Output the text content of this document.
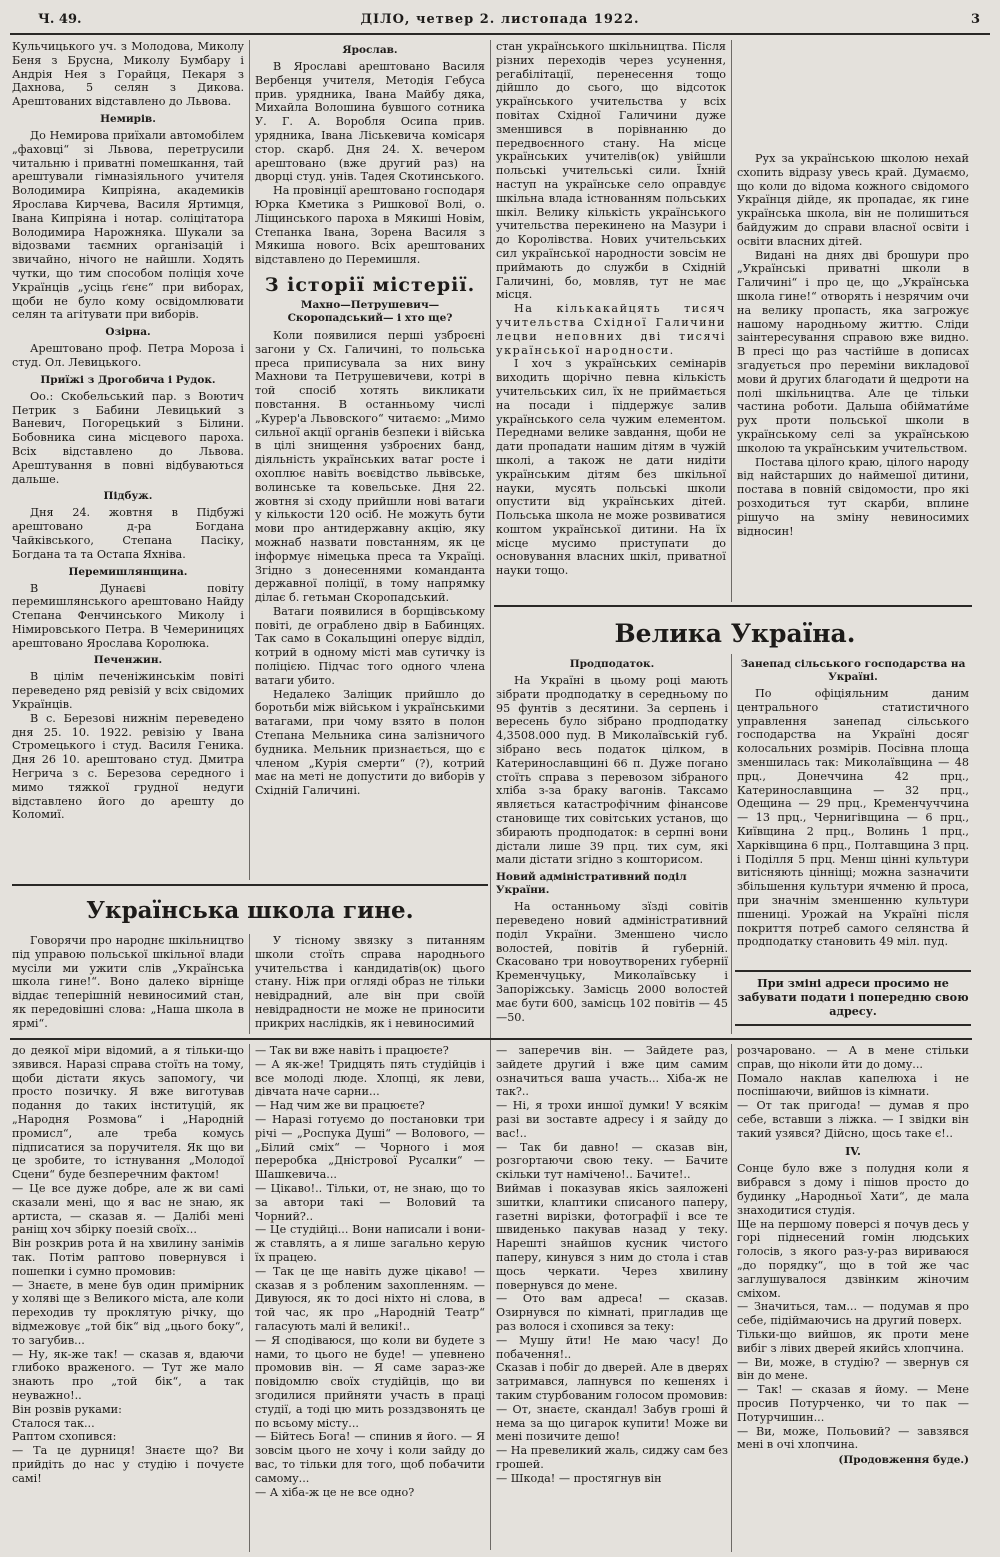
Ч. 49.	ДІЛО, четвер 2. листопада 1922.	3

Кульчицького уч. з Молодова, Миколу Беня з Брусна, Миколу Бумбару і Андрія Нея з Горайця, Пекаря з Дахнова, 5 селян з Дикова. Арештованих відставлено до Львова.

Немирів.

До Немирова приїхали автомобілем „фаховці“ зі Львова, перетрусили читальню і приватні помешкання, тай арештували гімназіяльного учителя Володимира Кипріяна, академиків Ярослава Кирчева, Василя Яртимця, Івана Кипріяна і нотар. соліцітатора Володимира Нарожняка. Шукали за відозвами таємних організацій і звичайно, нічого не найшли. Ходять чутки, що тим способом поліція хоче Українців „усіць ґєнє“ при виборах, щоби не було кому освідомлювати селян та агітувати при виборів.

Озірна.

Арештовано проф. Петра Мороза і студ. Ол. Левицького.

Приїжі з Дрогобича і Рудок.

Оо.: Скобельський пар. з Воютич Петрик з Бабини Левицький з Ваневич, Погорецький з Білини. Бобовника сина місцевого пароха. Всіх відставлено до Львова. Арештування в повні відбуваються дальше.

Підбуж.

Дня 24. жовтня в Підбужі арештовано д-ра Богдана Чайківського, Степана Пасіку, Богдана та та Остапа Яхніва.

Перемишлянщина.

В Дунаєві повіту перемишлянського арештовано Найду Степана Фенчинського Миколу і Німировського Петра. В Чемериницях арештовано Ярослава Королюка.

Печенжин.

В цілім печеніжинськім повіті переведено ряд ревізій у всіх свідомих Українців.

В с. Березові нижнім переведено дня 25. 10. 1922. ревізію у Івана Стромецького і студ. Василя Геника. Дня 26 10. арештовано студ. Дмитра Негрича з с. Березова середного і мимо тяжкої грудної недуги відставлено його до арешту до Коломиї.

Ярослав.

В Ярославі арештовано Василя Вербенця учителя, Методія Гебуса прив. урядника, Івана Майбу дяка, Михайла Волошина бувшого сотника У. Г. А. Воробля Осипа прив. урядника, Івана Ліськевича комісаря стор. скарб. Дня 24. Х. вечером арештовано (вже другий раз) на дворці студ. унів. Тадея Скотинського.

На провінції арештовано господаря Юрка Кметика з Ришкової Волі, о. Ліщинського пароха в Мякиші Новім, Степанка Івана, Зорена Василя з Мякиша нового. Всіх арештованих відставлено до Перемишля.

З історії містерії.
Махно—Петрушевич—Скоропадський— і хто ще?

Коли появилися перші узброєні загони у Сх. Галичині, то польська преса приписувала за них вину Махнови та Петрушевичеви, котрі в той спосіб хотять викликати повстання. В останньому числі „Куреp'a Львовского“ читаємо: „Мимо сильної акції органів безпеки і війська в цілі знищення узброєних банд, діяльність українських ватаг росте і охоплює навіть воєвідство львівське, волинське та ковельське. Дня 22. жовтня зі сходу прийшли нові ватаги у кількости 120 осіб. Не можуть бути мови про антидержавну акцію, яку можнаб назвати повстанням, як це інформує німецька преса та Україці. Згідно з донесеннями команданта державної поліції, в тому напрямку ділає б. гетьман Скоропадський.

Ватаги появилися в борщівському повіті, де ограблено двір в Бабинцях. Так само в Сокальщині оперує відділ, котрий в одному місті мав сутичку із поліцією. Підчас того одного члена ватаги убито.

Недалеко Заліщик прийшло до боротьби між військом і українськими ватагами, при чому взято в полон Степана Мельника сина залізничого будника. Мельник признається, що є членом „Курія смерти“ (?), котрий має на меті не допустити до виборів у Східній Галичині.

стан українського шкільництва. Після різних переходів через усунення, регабілітації, перенесення тощо дійшло до сього, що відсоток українського учительства у всіх повітах Східної Галичини дуже зменшився в порівнанню до передвоєнного стану. На місце українських учителів(ок) увійшли польські учительські сили. Їхній наступ на українське село оправдує шкільна влада істнованням польських шкіл. Велику кількість українського учительства перекинено на Мазури і до Королівства. Нових учительських сил української народности зовсім не приймають до служби в Східній Галичині, бо, мовляв, тут не має місця.

На кількакайцять тисяч учительства Східної Галичини лецви неповних дві тисячі української народности.

І хоч з українських семінарів виходить щорічно певна кількість учительських сил, їх не приймається на посади і піддержує залив українського села чужим елементом. Переднами велике завдання, щоби не дати пропадати нашим дітям в чужій школі, а також не дати нидіти українським дітям без шкільної науки, мусять польські школи опустити від українських дітей. Польська школа не може розвиватися коштом української дитини. На їх місце мусимо приступати до основування власних шкіл, приватної науки тощо.

Рух за українською школою нехай схопить відразу увесь край. Думаємо, що коли до відома кожного свідомого Українця дійде, як пропадає, як гине українська школа, він не полишиться байдужим до справи власної освіти і освіти власних дітей.

Видані на днях дві брошури про „Українські приватні школи в Галичині“ і про це, що „Українська школа гине!“ отворять і незрячим очи на велику пропасть, яка загрожує нашому народньому життю. Сліди заінтересування справою вже видно. В пресі що раз частійше в дописах згадується про переміни викладової мови й других благодати й щедроти на полі шкільництва. Але це тільки частина роботи. Дальша обіймати́ме рух проти польської школи в українському селі за українською школою та українським учительством.

Постава цілого краю, цілого народу від найстарших до наймешої дитини, постава в повній свідомости, про які розходиться тут скарби, вплине рішучо на зміну невиносимих відносин!

Велика Україна.
Продподаток.

На Україні в цьому році мають зібрати продподатку в середньому по 95 фунтів з десятини. За серпень і вересень було зібрано продподатку 4,3508.000 пуд. В Миколаївській губ. зібрано весь податок цілком, в Катеринославщині 66 п. Дуже погано стоїть справа з перевозом зібраного хліба з-за браку вагонів. Таксамо являється катастрофічним фінансове становище тих совітських установ, що збирають продподаток: в серпні вони дістали лише 39 прц. тих сум, які мали дістати згідно з кошторисом.

Новий адміністративний поділ України.

На останньому зїзді совітів переведено новий адміністративний поділ України. Зменшено число волостей, повітів й губерній. Скасовано три новоутворених губернії Кременчуцьку, Миколаївську і Запоріжську. Замісць 2000 волостей має бути 600, замісць 102 повітів — 45—50.

Занепад сільського господарства на Україні.

По офіціяльним даним центрального статистичного управлення занепад сільського господарства на Україні досяг колосальних розмірів. Посівна площа зменшилась так: Миколаївщина — 48 прц., Донеччина 42 прц., Катеринославщина — 32 прц., Одещина — 29 прц., Кременчуччина — 13 прц., Чернигівщина — 6 прц., Київщина 2 прц., Волинь 1 прц., Харківщина 6 прц., Полтавщина 3 прц. і Поділля 5 прц. Менш цінні культури витісняють цінніщі; можна зазначити збільшення культури ячменю й проса, при значнім зменшенню культури пшениці. Урожай на Україні після покриття потреб самого селянства й продподатку становить 49 міл. пуд.

При зміні адреси просимо не забувати подати і попередню свою адресу.
Українська школа гине.

Говорячи про народнє шкільництво під управою польської шкільної влади мусіли ми ужити слів „Українська школа гине!“. Воно далеко вірніще віддає теперішній невиносимий стан, як передовішні слова: „Наша школа в ярмі“.

У тісному звязку з питанням школи стоїть справа народнього учительства і кандидатів(ок) цього стану. Ніж при огляді образ не тільки невідрадний, але він при своїй невідрадности не може не приносити прикрих наслідків, як і невиносимий

до деякої міри відомий, а я тільки-що зявився. Наразі справа стоїть на тому, щоби дістати якусь запомогу, чи просто позичку. Я вже виготував подання до таких інституцій, як „Народня Розмова“ і „Народній промисл“, але треба комусь підписатися за поручителя. Як що ви це зробите, то істнування „Молодої Сцени“ буде безперечним фактом!
— Це все дуже добре, але ж ви самі сказали мені, що я вас не знаю, як артиста, — сказав я. — Далібі мені раніщ хоч збірку поезій своїх...
Він розкрив рота й на хвилину занімів так. Потім раптово повернувся і пошепки і сумно промовив:
— Знаєте, в мене був один примірник у холяві ще з Великого міста, але коли переходив ту проклятую річку, що відмежовує „той бік“ від „цього боку“, то загубив...
— Ну, як-же так! — сказав я, вдаючи глибоко враженого. — Тут же мало знають про „той бік“, а так неуважно!..
Він розвів руками:
Сталося так...
Раптом схопився:
— Та це дурниця! Знаєте що? Ви прийдіть до нас у студію і почуєте самі!
— Так ви вже навіть і працюєте?
— А як-же! Тридцять пять студійців і все молоді люде. Хлопці, як леви, дівчата наче сарни...
— Над чим же ви працюєте?
— Наразі готуємо до постановки три річі — „Роспука Душі“ — Вoлового, — „Білий сміх“ — Чорного і моя переробка „Дністрової Русалки“ — Шашкевича...
— Цікаво!.. Тільки, от, не знаю, що то за автори такі — Воловий та Чорний?..
— Це студійці... Вони написали і вони-ж ставлять, а я лише загально керую їх працею.
— Так це ще навіть дуже цікаво! — сказав я з робленим захопленням. — Дивуюся, як то досі ніхто ні слова, в той час, як про „Народній Театр“ галасують малі й великі!..
— Я сподіваюся, що коли ви будете з нами, то цього не буде! — упевнено промовив він. — Я саме зараз-же повідомлю своїх студійців, що ви згодилися прийняти участь в праці студії, а тоді цю мить розздзвонять це по всьому місту...
— Бійтесь Бога! — спинив я його. — Я зовсім цього не хочу і коли зайду до вас, то тільки для того, щоб побачити самому...
— А хіба-ж це не все одно?
— заперечив він. — Зайдете раз, зайдете другий і вже цим самим означиться ваша участь... Хіба-ж не так?..
— Ні, я трохи иншої думки! У всякім разі ви зоставте адресу і я зайду до вас!..
— Так би давно! — сказав він, розгортаючи свою теку. — Бачите скільки тут намічено!.. Бачите!..
Виймав і показував якісь заяложені зшитки, клаптики списаного паперу, газетні вирізки, фотографії і все те швиденько пакував назад у теку. Нарешті знайшов кусник чистого паперу, кинувся з ним до стола і став щось черкати. Через хвилину повернувся до мене.
— Ото вам адреса! — сказав. Озирнувся по кімнаті, пригладив ще раз волося і схопився за теку:
— Мушу йти! Не маю часу! До побачення!..
Сказав і побіг до дверей. Але в дверях затримався, лапнувся по кешенях і таким стурбованим голосом промовив:
— От, знаєте, скандал! Забув гроші й нема за що цигарок купити! Може ви мені позичите дешо!
— На превеликий жаль, сиджу сам без грошей.
— Шкода! — простягнув він
розчаровано. — А в мене стільки справ, що ніколи йти до дому...
Помало наклав капелюха і не поспішаючи, вийшов із кімнати.
— От так пригода! — думав я про себе, вставши з ліжка. — І звідки він такий узявся? Дійсно, щось таке є!..
IV.
Сонце було вже з полудня коли я вибрався з дому і пішов просто до будинку „Народньої Хати“, де мала знаходитися студія.
Ще на першому поверсі я почув десь у горі піднесений гомін людських голосів, з якого раз-у-раз вириваюся „до порядку“, що в той же час заглушувалося дзвінким жіночим сміхом.
— Значиться, там... — подумав я про себе, підіймаючись на другий поверх.
Тільки-що вийшов, як проти мене вибіг з лівих дверей якийсь хлопчина.
— Ви, може, в студію? — звернув ся він до мене.
— Так! — сказав я йому. — Мене просив Потурченко, чи то пак — Потурчишин...
— Ви, може, Польовий? — завзявся мені в очі хлопчина.
(Продовження буде.)
